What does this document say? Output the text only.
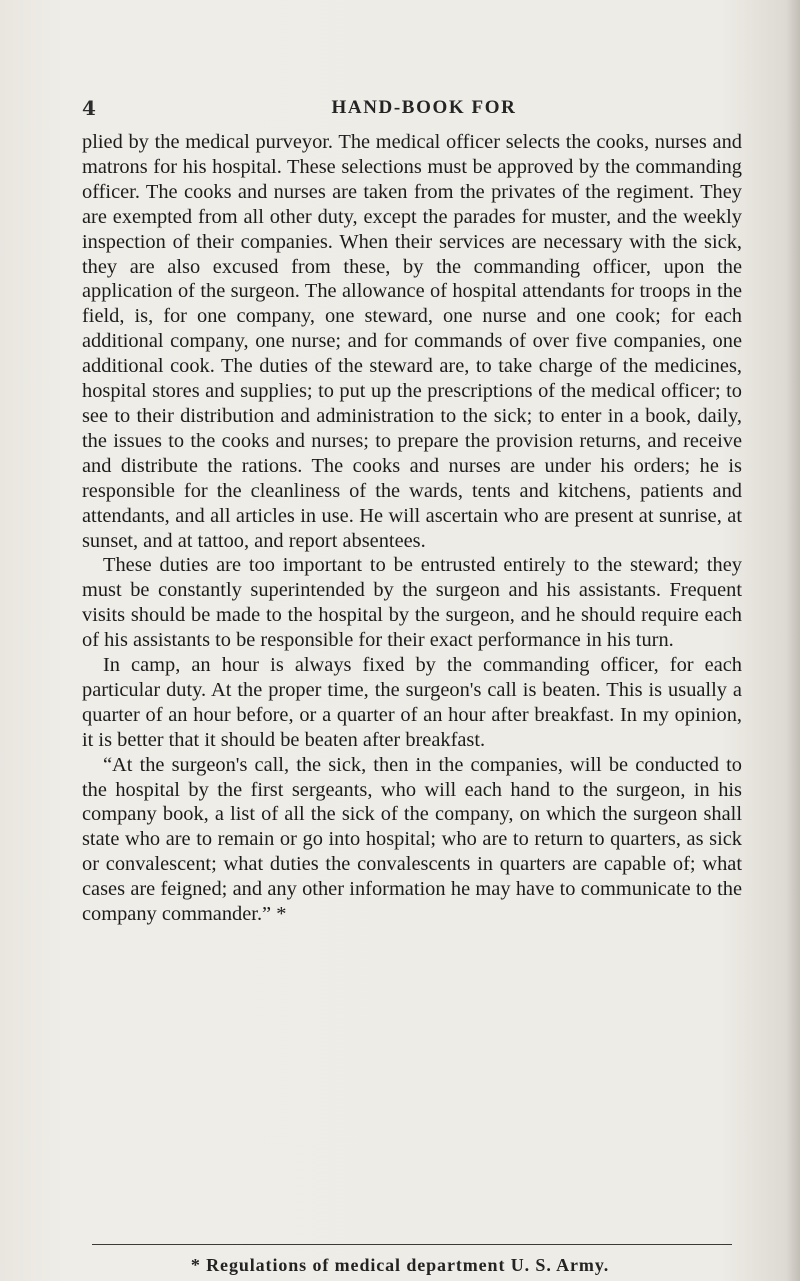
4	HAND-BOOK FOR

plied by the medical purveyor. The medical officer selects the cooks, nurses and matrons for his hospital. These selections must be approved by the commanding officer. The cooks and nurses are taken from the privates of the regiment. They are exempted from all other duty, except the parades for muster, and the weekly inspection of their companies. When their services are necessary with the sick, they are also excused from these, by the commanding officer, upon the application of the surgeon. The allowance of hospital attendants for troops in the field, is, for one company, one steward, one nurse and one cook; for each additional company, one nurse; and for commands of over five companies, one additional cook. The duties of the steward are, to take charge of the medicines, hospital stores and supplies; to put up the prescriptions of the medical officer; to see to their distribution and administration to the sick; to enter in a book, daily, the issues to the cooks and nurses; to prepare the provision returns, and receive and distribute the rations. The cooks and nurses are under his orders; he is responsible for the cleanliness of the wards, tents and kitchens, patients and attendants, and all articles in use. He will ascertain who are present at sunrise, at sunset, and at tattoo, and report absentees.

These duties are too important to be entrusted entirely to the steward; they must be constantly superintended by the surgeon and his assistants. Frequent visits should be made to the hospital by the surgeon, and he should require each of his assistants to be responsible for their exact performance in his turn.

In camp, an hour is always fixed by the commanding officer, for each particular duty. At the proper time, the surgeon's call is beaten. This is usually a quarter of an hour before, or a quarter of an hour after breakfast. In my opinion, it is better that it should be beaten after breakfast.

“At the surgeon's call, the sick, then in the companies, will be conducted to the hospital by the first sergeants, who will each hand to the surgeon, in his company book, a list of all the sick of the company, on which the surgeon shall state who are to remain or go into hospital; who are to return to quarters, as sick or convalescent; what duties the convalescents in quarters are capable of; what cases are feigned; and any other information he may have to communicate to the company commander.” *

* Regulations of medical department U. S. Army.
